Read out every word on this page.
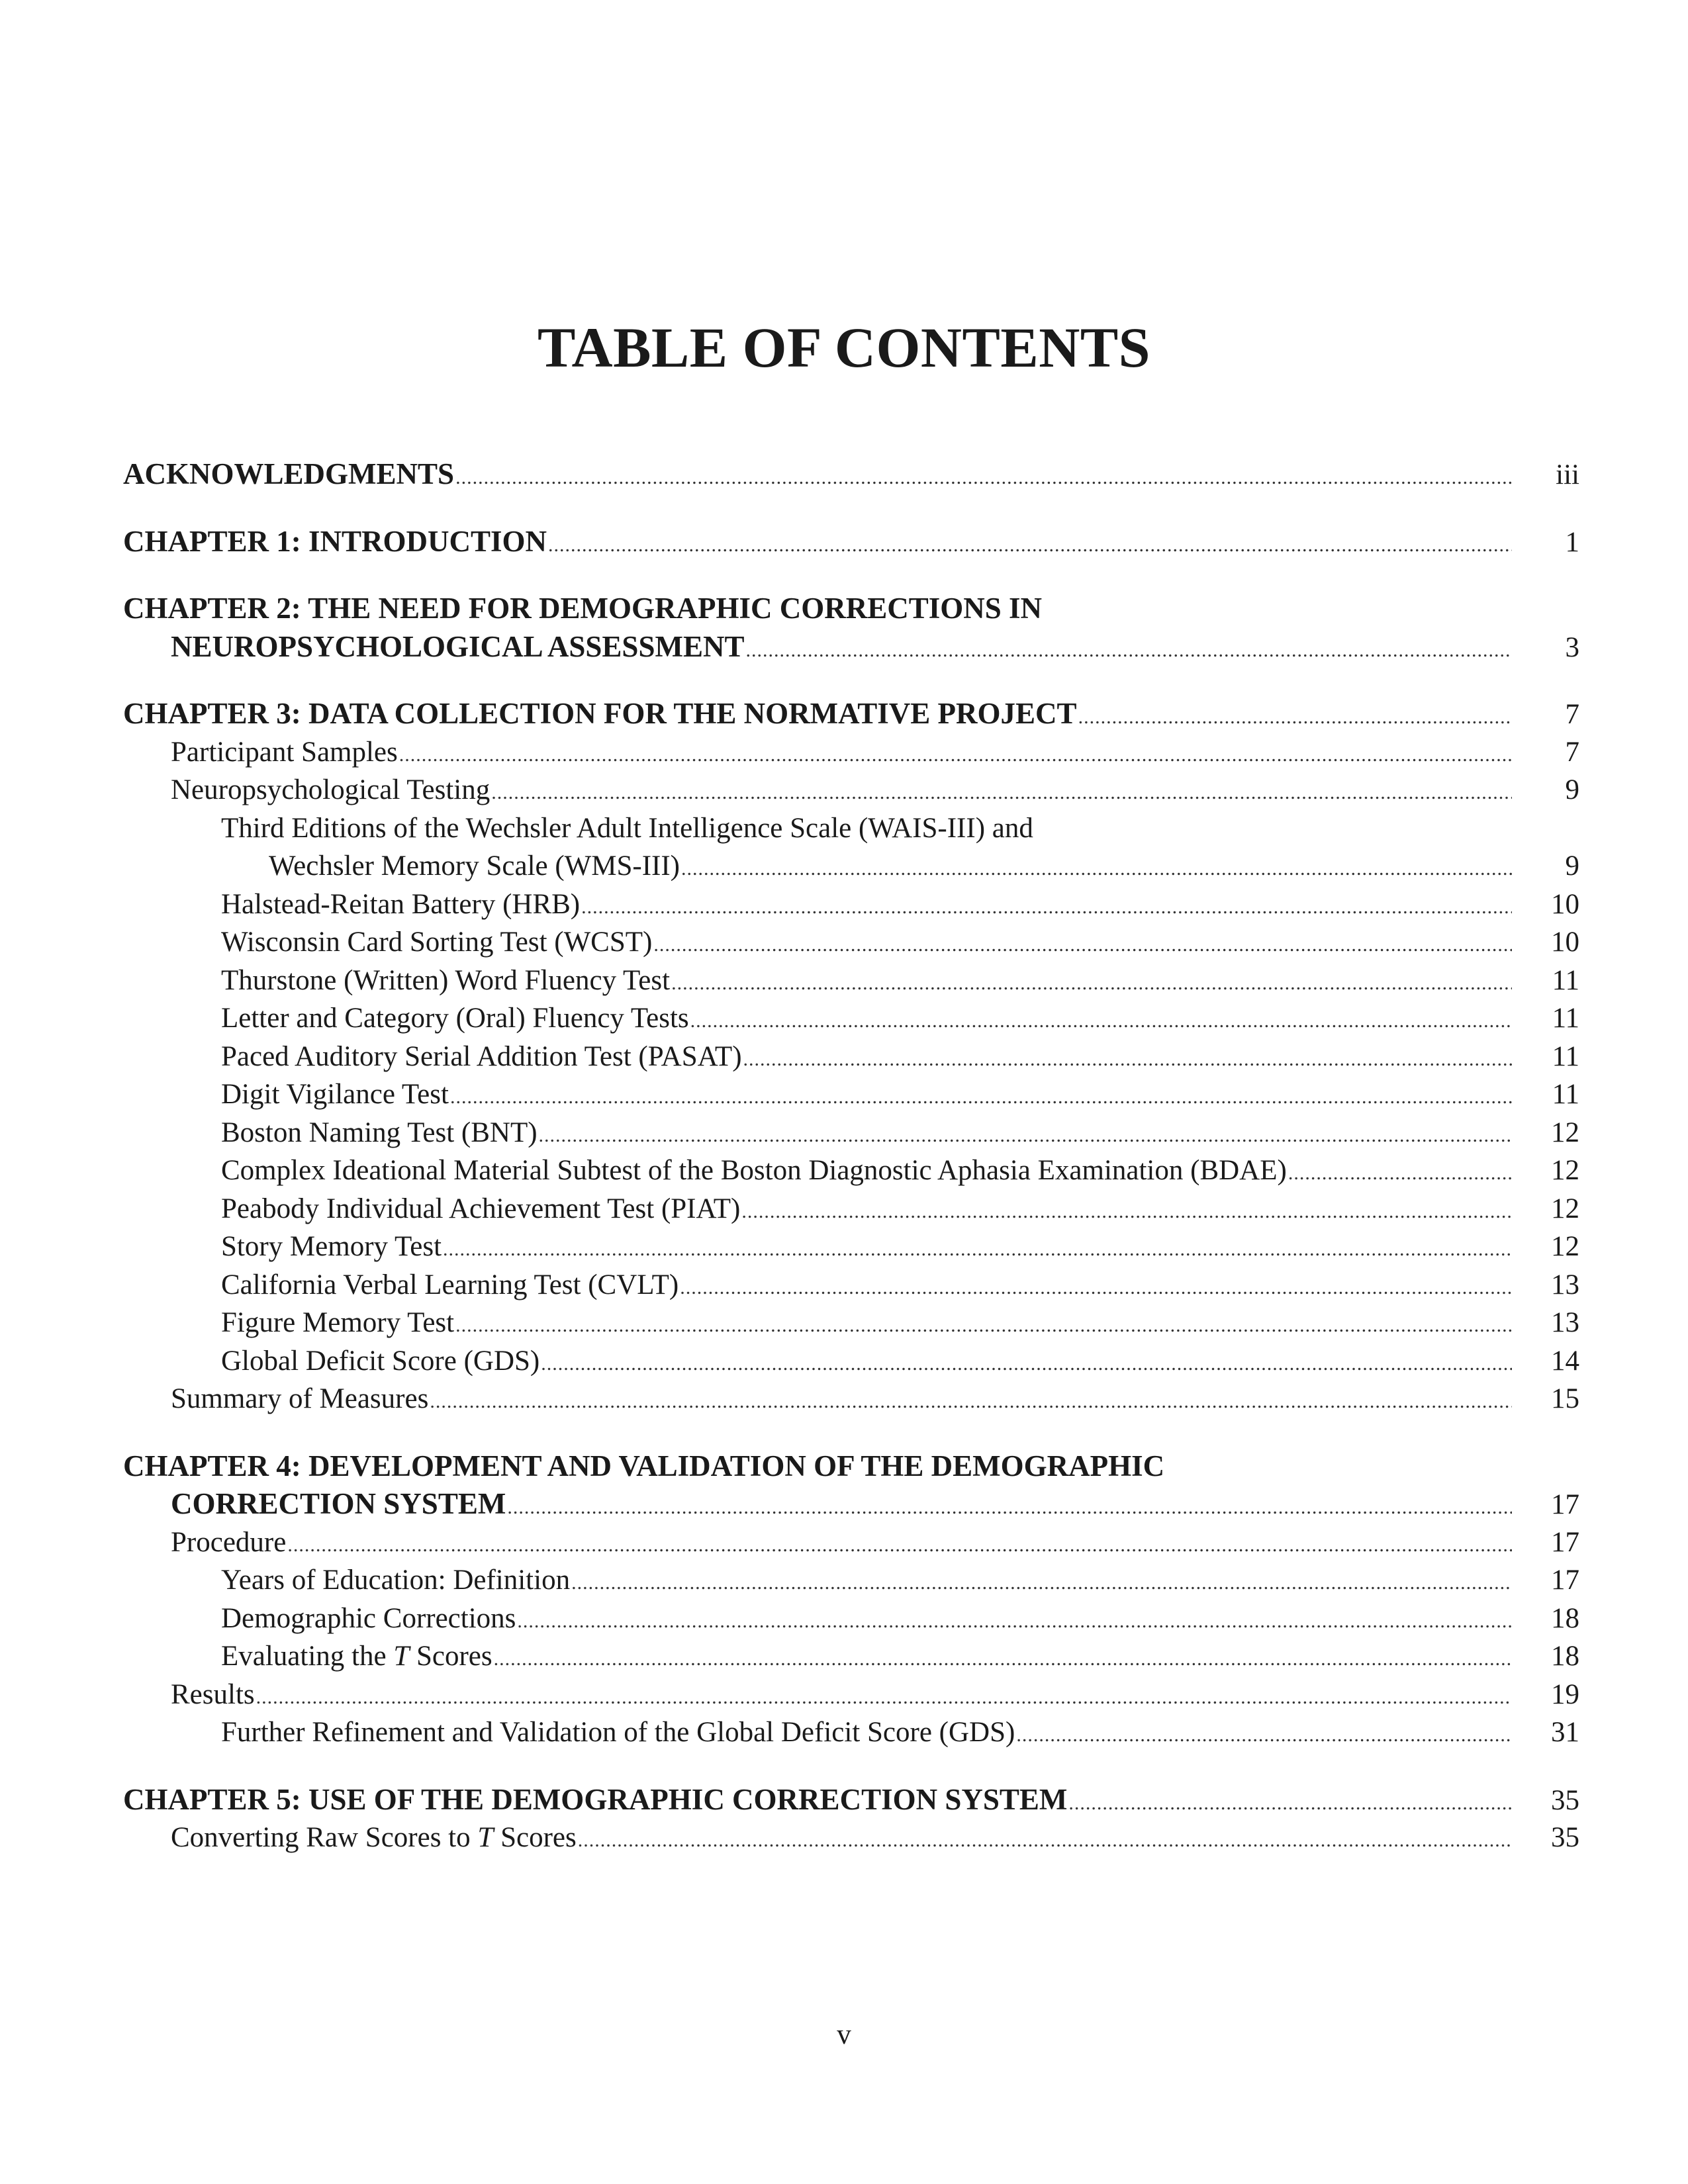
TABLE OF CONTENTS
ACKNOWLEDGMENTS .....	iii
CHAPTER 1: INTRODUCTION .....	1
CHAPTER 2: THE NEED FOR DEMOGRAPHIC CORRECTIONS IN
NEUROPSYCHOLOGICAL ASSESSMENT .....	3
CHAPTER 3: DATA COLLECTION FOR THE NORMATIVE PROJECT .....	7
Participant Samples .....	7
Neuropsychological Testing .....	9
Third Editions of the Wechsler Adult Intelligence Scale (WAIS-III) and
Wechsler Memory Scale (WMS-III) .....	9
Halstead-Reitan Battery (HRB) .....	10
Wisconsin Card Sorting Test (WCST) .....	10
Thurstone (Written) Word Fluency Test .....	11
Letter and Category (Oral) Fluency Tests .....	11
Paced Auditory Serial Addition Test (PASAT) .....	11
Digit Vigilance Test .....	11
Boston Naming Test (BNT) .....	12
Complex Ideational Material Subtest of the Boston Diagnostic Aphasia Examination (BDAE) .....	12
Peabody Individual Achievement Test (PIAT) .....	12
Story Memory Test .....	12
California Verbal Learning Test (CVLT) .....	13
Figure Memory Test .....	13
Global Deficit Score (GDS) .....	14
Summary of Measures .....	15
CHAPTER 4: DEVELOPMENT AND VALIDATION OF THE DEMOGRAPHIC
CORRECTION SYSTEM .....	17
Procedure .....	17
Years of Education: Definition .....	17
Demographic Corrections .....	18
Evaluating the T Scores .....	18
Results .....	19
Further Refinement and Validation of the Global Deficit Score (GDS) .....	31
CHAPTER 5: USE OF THE DEMOGRAPHIC CORRECTION SYSTEM .....	35
Converting Raw Scores to T Scores .....	35
v
